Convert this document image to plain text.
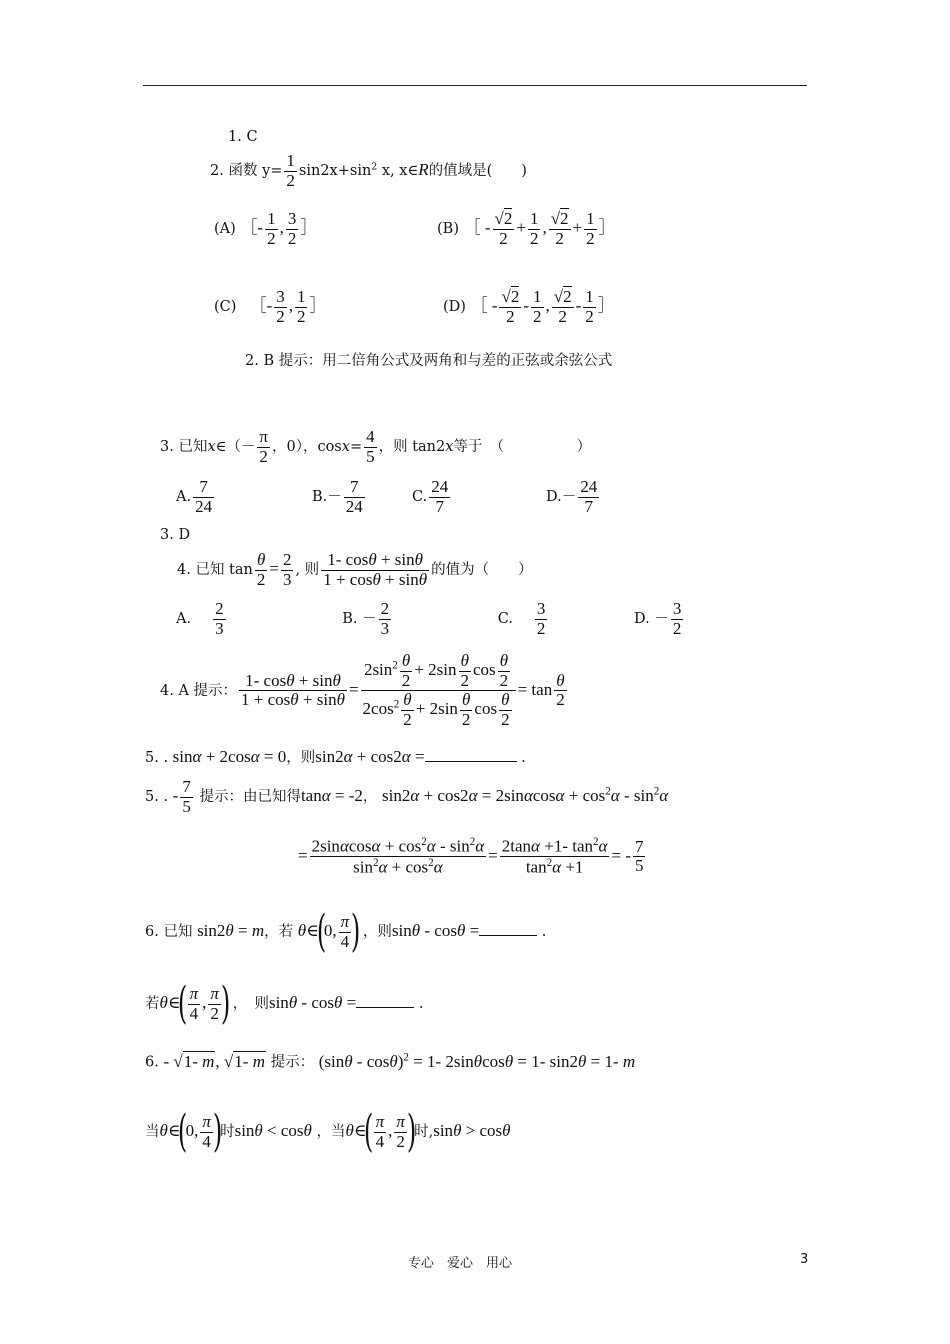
1. C
2. 函数 $y= \frac{1}{2} \sin 2x+\sin^2$ x, x∈R的值域是(　　)
(A) ［- $\frac{1}{2}$ , $\frac{3}{2}$ ］	(B) ［ - $\frac{√2}{2} + \frac{1}{2}$ , $\frac{√2}{2} + \frac{1}{2}$ ］
(C) 　［- $\frac{3}{2}$ , $\frac{1}{2}$ ］	(D) ［ - $\frac{√2}{2} - \frac{1}{2}$ , $\frac{√2}{2} - \frac{1}{2}$ ］
2. B 提示：用二倍角公式及两角和与差的正弦或余弦公式
3. 已知x∈（－ $\frac{\pi}{2}$ ，0），$\cos x= \frac{4}{5}$ ，则 tan2x等于　（　　　　　）
A. $\frac{7}{24}$	$B.- \frac{7}{24}$	C. $\frac{24}{7}$	$D.- \frac{24}{7}$
3. D
4. 已知 $\tan \frac{\theta}{2} = \frac{2}{3}$ , 则 $\frac{1- \cos\theta + \sin\theta}{1 + \cos\theta + \sin\theta}$ 的值为（　　）
A. $\frac{2}{3}$	B. － $\frac{2}{3}$	C. $\frac{3}{2}$	D. － $\frac{3}{2}$
4. A 提示： $\frac{1- \cos\theta + \sin\theta}{1 + \cos\theta + \sin\theta} = \frac{2\sin^2 \frac{\theta}{2} + 2\sin \frac{\theta}{2} \cos \frac{\theta}{2}}{2\cos^2 \frac{\theta}{2} + 2\sin \frac{\theta}{2} \cos \frac{\theta}{2}} = \tan \frac{\theta}{2}$
5. . sinα + 2cosα = 0，则sin2α + cos2α =	.
5. . - $\frac{7}{5}$ 提示：由已知得tanα = -2， $\sin 2\alpha + \cos 2\alpha = 2\sin\alpha\cos\alpha + \cos^2\alpha - \sin^2\alpha$
= $\frac{2\sin\alpha\cos\alpha + \cos^2\alpha - \sin^2\alpha}{\sin^2\alpha + \cos^2\alpha} = \frac{2\tan\alpha +1- \tan^2\alpha}{\tan^2\alpha +1}$ = - $\frac{7}{5}$
6. 已知 sin2θ = m，若 θ∈(0, $\frac{\pi}{4}$ ) ，则sinθ - cosθ =	.
若θ∈( $\frac{\pi}{4}$ , $\frac{\pi}{2}$ ) ，　则sinθ - cosθ =	.
6. - √1- m, √1- m 提示： (sinθ - cosθ)$^2$ = 1- 2sinθcosθ = 1- sin2θ = 1- m
当θ∈(0, $\frac{\pi}{4}$ )时sinθ < cosθ ，当θ∈( $\frac{\pi}{4}$ , $\frac{\pi}{2}$ )时,sinθ > cosθ
专心　爱心　用心	3
